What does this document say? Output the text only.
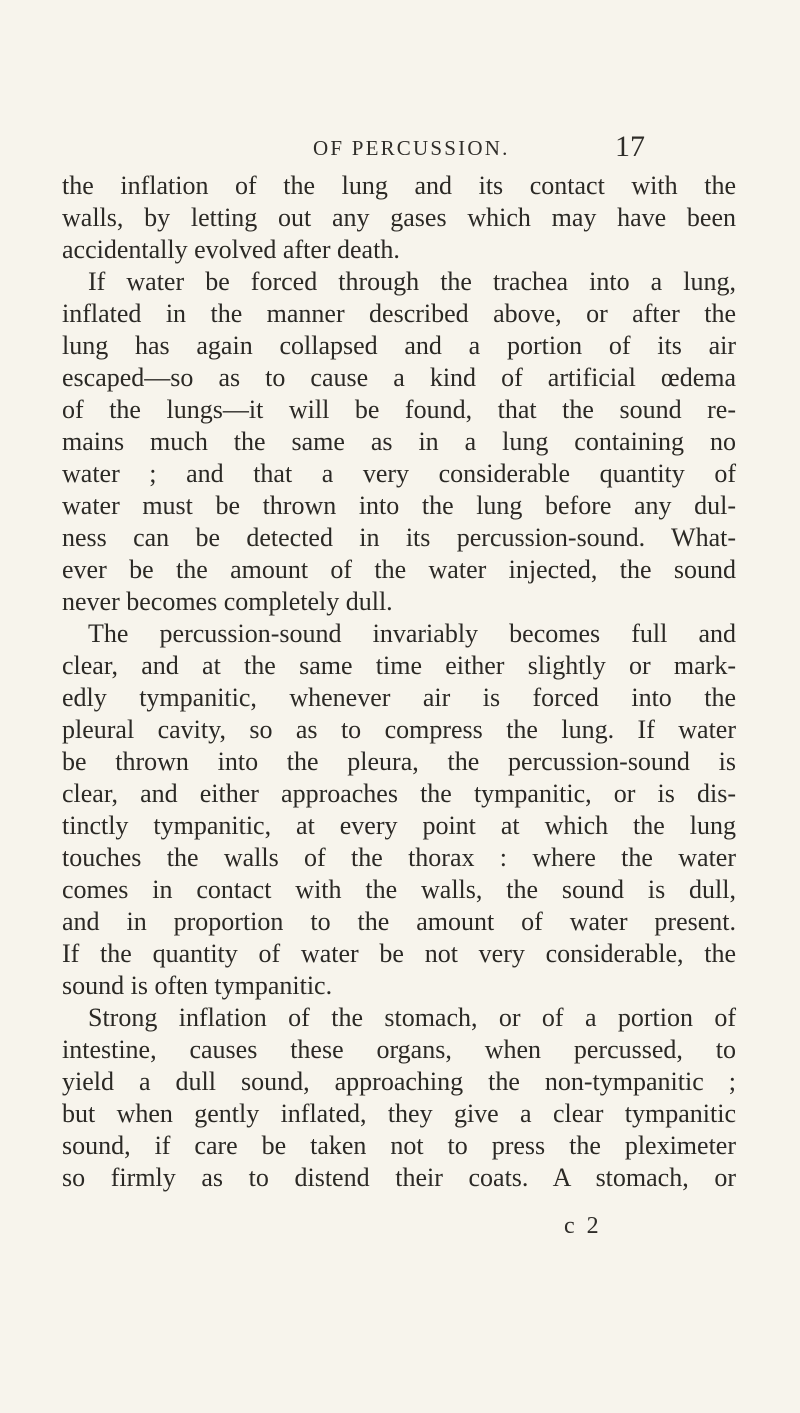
OF PERCUSSION.	17
the inflation of the lung and its contact with the
walls, by letting out any gases which may have been
accidentally evolved after death.
If water be forced through the trachea into a lung,
inflated in the manner described above, or after the
lung has again collapsed and a portion of its air
escaped—so as to cause a kind of artificial œdema
of the lungs—it will be found, that the sound re-
mains much the same as in a lung containing no
water ; and that a very considerable quantity of
water must be thrown into the lung before any dul-
ness can be detected in its percussion-sound. What-
ever be the amount of the water injected, the sound
never becomes completely dull.
The percussion-sound invariably becomes full and
clear, and at the same time either slightly or mark-
edly tympanitic, whenever air is forced into the
pleural cavity, so as to compress the lung. If water
be thrown into the pleura, the percussion-sound is
clear, and either approaches the tympanitic, or is dis-
tinctly tympanitic, at every point at which the lung
touches the walls of the thorax : where the water
comes in contact with the walls, the sound is dull,
and in proportion to the amount of water present.
If the quantity of water be not very considerable, the
sound is often tympanitic.
Strong inflation of the stomach, or of a portion of
intestine, causes these organs, when percussed, to
yield a dull sound, approaching the non-tympanitic ;
but when gently inflated, they give a clear tympanitic
sound, if care be taken not to press the pleximeter
so firmly as to distend their coats. A stomach, or
c 2
